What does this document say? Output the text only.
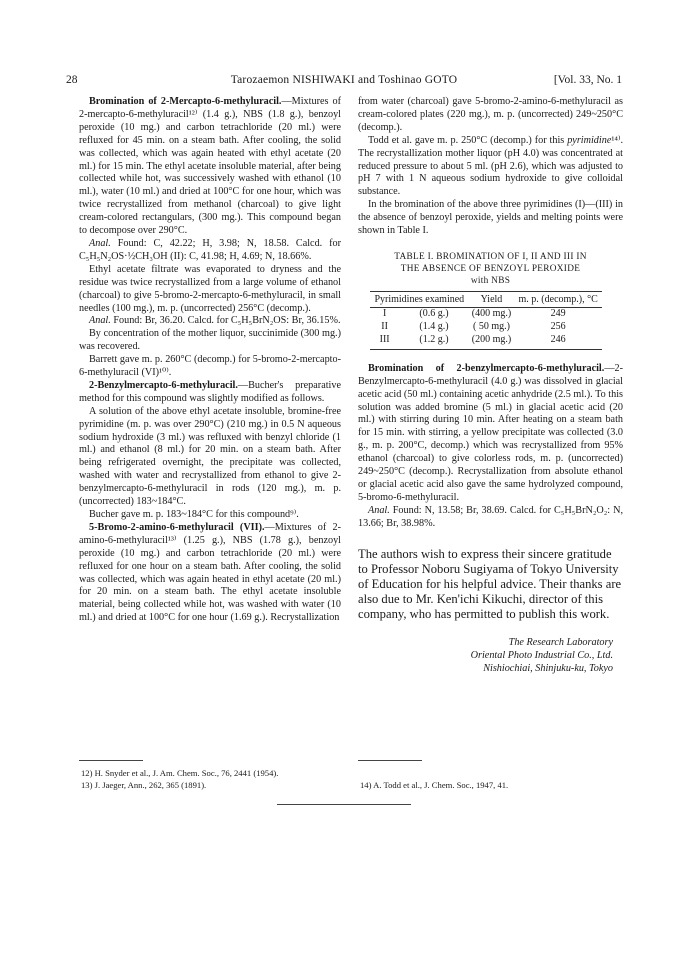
28	Tarozaemon NISHIWAKI and Toshinao GOTO	[Vol. 33, No. 1

Bromination of 2-Mercapto-6-methyluracil.—Mixtures of 2-mercapto-6-methyluracil¹²⁾ (1.4 g.), NBS (1.8 g.), benzoyl peroxide (10 mg.) and carbon tetrachloride (20 ml.) were refluxed for 45 min. on a steam bath. After cooling, the solid was collected, which was again heated with ethyl acetate (20 ml.) for 15 min. The ethyl acetate insoluble material, after being collected while hot, was successively washed with ethanol (10 ml.), water (10 ml.) and dried at 100°C for one hour, which was twice recrystallized from methanol (charcoal) to give light cream-colored rectangulars, (300 mg.). This compound began to decompose over 290°C.

Anal. Found: C, 42.22; H, 3.98; N, 18.58. Calcd. for C₅H₅N₂OS·½CH₃OH (II): C, 41.98; H, 4.69; N, 18.66%.

Ethyl acetate filtrate was evaporated to dryness and the residue was twice recrystallized from a large volume of ethanol (charcoal) to give 5-bromo-2-mercapto-6-methyluracil, in small needles (100 mg.), m. p. (uncorrected) 256°C (decomp.).

Anal. Found: Br, 36.20. Calcd. for C₅H₅BrN₂OS: Br, 36.15%.

By concentration of the mother liquor, succinimide (300 mg.) was recovered.

Barrett gave m. p. 260°C (decomp.) for 5-bromo-2-mercapto-6-methyluracil (VI)¹⁰⁾.

2-Benzylmercapto-6-methyluracil.—Bucher's preparative method for this compound was slightly modified as follows.

A solution of the above ethyl acetate insoluble, bromine-free pyrimidine (m. p. was over 290°C) (210 mg.) in 0.5 N aqueous sodium hydroxide (3 ml.) was refluxed with benzyl chloride (1 ml.) and ethanol (8 ml.) for 20 min. on a steam bath. After being refrigerated overnight, the precipitate was collected, washed with water and recrystallized from ethanol to give 2-benzylmercapto-6-methyluracil in rods (120 mg.), m. p. (uncorrected) 183~184°C.

Bucher gave m. p. 183~184°C for this compound⁹⁾.

5-Bromo-2-amino-6-methyluracil (VII).—Mixtures of 2-amino-6-methyluracil¹³⁾ (1.25 g.), NBS (1.78 g.), benzoyl peroxide (10 mg.) and carbon tetrachloride (20 ml.) were refluxed for one hour on a steam bath. After cooling, the solid was collected, which was again heated in ethyl acetate (20 ml.) for 20 min. on a steam bath. The ethyl acetate insoluble material, being collected while hot, was washed with water (10 ml.) and dried at 100°C for one hour (1.69 g.). Recrystallization

from water (charcoal) gave 5-bromo-2-amino-6-methyluracil as cream-colored plates (220 mg.), m. p. (uncorrected) 249~250°C (decomp.).

Todd et al. gave m. p. 250°C (decomp.) for this pyrimidine¹⁴⁾. The recrystallization mother liquor (pH 4.0) was concentrated at reduced pressure to about 5 ml. (pH 2.6), which was adjusted to pH 7 with 1 N aqueous sodium hydroxide to give colloidal substance.

In the bromination of the above three pyrimidines (I)—(III) in the absence of benzoyl peroxide, yields and melting points were shown in Table I.

TABLE I. BROMINATION OF I, II AND III IN
THE ABSENCE OF BENZOYL PEROXIDE
with NBS
Pyrimidines examined		Yield	m. p. (decomp.), °C
I	(0.6 g.)	(400 mg.)	249
II	(1.4 g.)	( 50 mg.)	256
III	(1.2 g.)	(200 mg.)	246

Bromination of 2-benzylmercapto-6-methyluracil.—2-Benzylmercapto-6-methyluracil (4.0 g.) was dissolved in glacial acetic acid (50 ml.) containing acetic anhydride (2.5 ml.). To this solution was added bromine (5 ml.) in glacial acetic acid (20 ml.) with stirring during 10 min. After heating on a steam bath for 15 min. with stirring, a yellow precipitate was collected (3.0 g., m. p. 200°C, decomp.) which was recrystallized from 95% ethanol (charcoal) to give colorless rods, m. p. (uncorrected) 249~250°C (decomp.). Recrystallization from absolute ethanol or glacial acetic acid also gave the same hydrolyzed compound, 5-bromo-6-methyluracil.

Anal. Found: N, 13.58; Br, 38.69. Calcd. for C₅H₅BrN₂O₂: N, 13.66; Br, 38.98%.

The authors wish to express their sincere gratitude to Professor Noboru Sugiyama of Tokyo University of Education for his helpful advice. Their thanks are also due to Mr. Ken'ichi Kikuchi, director of this company, who has permitted to publish this work.

The Research Laboratory
Oriental Photo Industrial Co., Ltd.
Nishiochiai, Shinjuku-ku, Tokyo
12) H. Snyder et al., J. Am. Chem. Soc., 76, 2441 (1954).
13) J. Jaeger, Ann., 262, 365 (1891).	14) A. Todd et al., J. Chem. Soc., 1947, 41.
